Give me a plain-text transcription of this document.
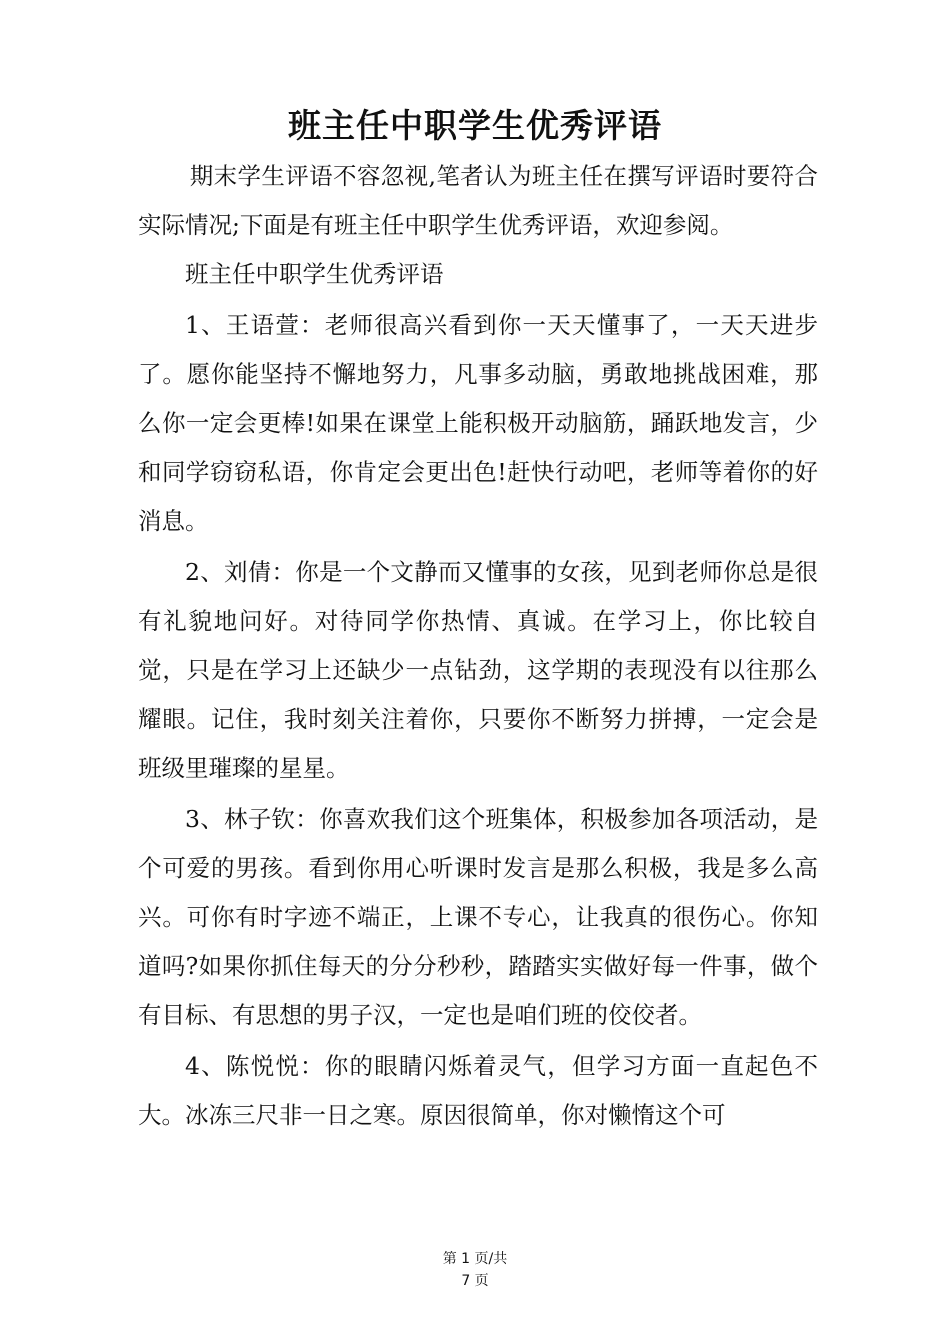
班主任中职学生优秀评语

期末学生评语不容忽视,笔者认为班主任在撰写评语时要符合实际情况;下面是有班主任中职学生优秀评语，欢迎参阅。

班主任中职学生优秀评语

1、王语萱：老师很高兴看到你一天天懂事了，一天天进步了。愿你能坚持不懈地努力，凡事多动脑，勇敢地挑战困难，那么你一定会更棒!如果在课堂上能积极开动脑筋，踊跃地发言，少和同学窃窃私语，你肯定会更出色!赶快行动吧，老师等着你的好消息。

2、刘倩：你是一个文静而又懂事的女孩，见到老师你总是很有礼貌地问好。对待同学你热情、真诚。在学习上，你比较自觉，只是在学习上还缺少一点钻劲，这学期的表现没有以往那么耀眼。记住，我时刻关注着你，只要你不断努力拼搏，一定会是班级里璀璨的星星。

3、林子钦：你喜欢我们这个班集体，积极参加各项活动，是个可爱的男孩。看到你用心听课时发言是那么积极，我是多么高兴。可你有时字迹不端正，上课不专心，让我真的很伤心。你知道吗?如果你抓住每天的分分秒秒，踏踏实实做好每一件事，做个有目标、有思想的男子汉，一定也是咱们班的佼佼者。

4、陈悦悦：你的眼睛闪烁着灵气，但学习方面一直起色不大。冰冻三尺非一日之寒。原因很简单，你对懒惰这个可

第 1 页/共
7 页
